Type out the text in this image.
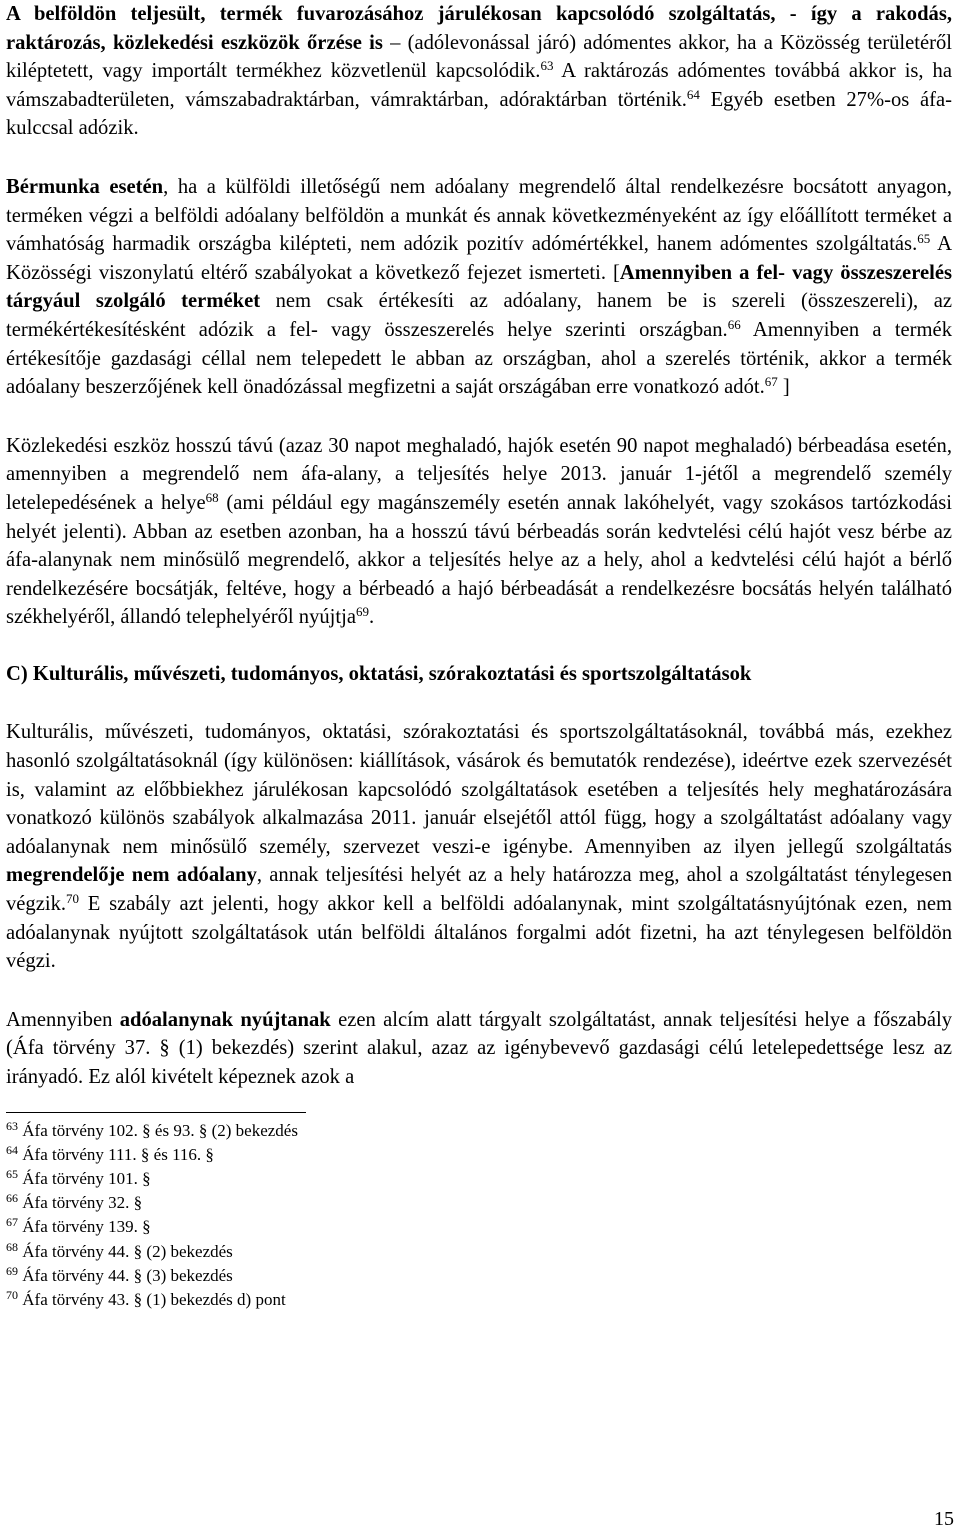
A belföldön teljesült, termék fuvarozásához járulékosan kapcsolódó szolgáltatás, - így a rakodás, raktározás, közlekedési eszközök őrzése is – (adólevonással járó) adómentes akkor, ha a Közösség területéről kiléptetett, vagy importált termékhez közvetlenül kapcsolódik.$^{63}$ A raktározás adómentes továbbá akkor is, ha vámszabadterületen, vámszabadraktárban, vámraktárban, adóraktárban történik.$^{64}$ Egyéb esetben 27%-os áfa-kulccsal adózik.

Bérmunka esetén, ha a külföldi illetőségű nem adóalany megrendelő által rendelkezésre bocsátott anyagon, terméken végzi a belföldi adóalany belföldön a munkát és annak következményeként az így előállított terméket a vámhatóság harmadik országba kilépteti, nem adózik pozitív adómértékkel, hanem adómentes szolgáltatás.$^{65}$ A Közösségi viszonylatú eltérő szabályokat a következő fejezet ismerteti. [Amennyiben a fel- vagy összeszerelés tárgyául szolgáló terméket nem csak értékesíti az adóalany, hanem be is szereli (összeszereli), az termékértékesítésként adózik a fel- vagy összeszerelés helye szerinti országban.$^{66}$ Amennyiben a termék értékesítője gazdasági céllal nem telepedett le abban az országban, ahol a szerelés történik, akkor a termék adóalany beszerzőjének kell önadózással megfizetni a saját országában erre vonatkozó adót.$^{67}$ ]

Közlekedési eszköz hosszú távú (azaz 30 napot meghaladó, hajók esetén 90 napot meghaladó) bérbeadása esetén, amennyiben a megrendelő nem áfa-alany, a teljesítés helye 2013. január 1-jétől a megrendelő személy letelepedésének a helye$^{68}$ (ami például egy magánszemély esetén annak lakóhelyét, vagy szokásos tartózkodási helyét jelenti). Abban az esetben azonban, ha a hosszú távú bérbeadás során kedvtelési célú hajót vesz bérbe az áfa-alanynak nem minősülő megrendelő, akkor a teljesítés helye az a hely, ahol a kedvtelési célú hajót a bérlő rendelkezésére bocsátják, feltéve, hogy a bérbeadó a hajó bérbeadását a rendelkezésre bocsátás helyén található székhelyéről, állandó telephelyéről nyújtja$^{69}$.

C) Kulturális, művészeti, tudományos, oktatási, szórakoztatási és sportszolgáltatások

Kulturális, művészeti, tudományos, oktatási, szórakoztatási és sportszolgáltatásoknál, továbbá más, ezekhez hasonló szolgáltatásoknál (így különösen: kiállítások, vásárok és bemutatók rendezése), ideértve ezek szervezését is, valamint az előbbiekhez járulékosan kapcsolódó szolgáltatások esetében a teljesítés hely meghatározására vonatkozó különös szabályok alkalmazása 2011. január elsejétől attól függ, hogy a szolgáltatást adóalany vagy adóalanynak nem minősülő személy, szervezet veszi-e igénybe. Amennyiben az ilyen jellegű szolgáltatás megrendelője nem adóalany, annak teljesítési helyét az a hely határozza meg, ahol a szolgáltatást ténylegesen végzik.$^{70}$ E szabály azt jelenti, hogy akkor kell a belföldi adóalanynak, mint szolgáltatásnyújtónak ezen, nem adóalanynak nyújtott szolgáltatások után belföldi általános forgalmi adót fizetni, ha azt ténylegesen belföldön végzi.

Amennyiben adóalanynak nyújtanak ezen alcím alatt tárgyalt szolgáltatást, annak teljesítési helye a főszabály (Áfa törvény 37. § (1) bekezdés) szerint alakul, azaz az igénybevevő gazdasági célú letelepedettsége lesz az irányadó. Ez alól kivételt képeznek azok a

$^{63}$ Áfa törvény 102. § és 93. § (2) bekezdés
$^{64}$ Áfa törvény 111. § és 116. §
$^{65}$ Áfa törvény 101. §
$^{66}$ Áfa törvény 32. §
$^{67}$ Áfa törvény 139. §
$^{68}$ Áfa törvény 44. § (2) bekezdés
$^{69}$ Áfa törvény 44. § (3) bekezdés
$^{70}$ Áfa törvény 43. § (1) bekezdés d) pont
15
